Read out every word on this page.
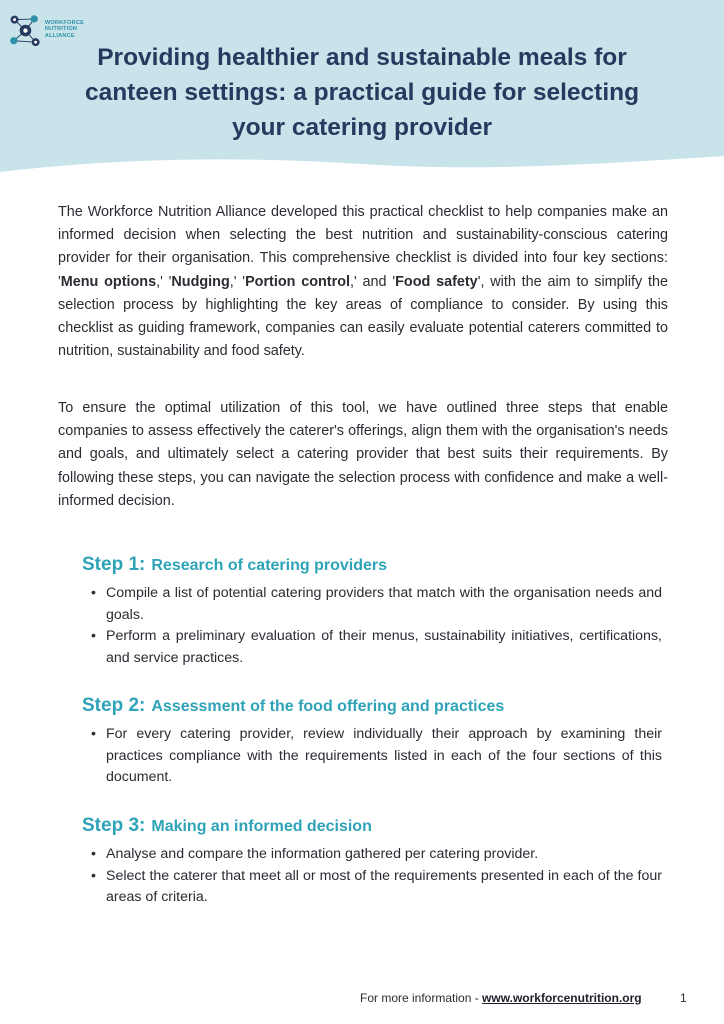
WORKFORCE
NUTRITION
ALLIANCE
Providing healthier and sustainable meals for canteen settings: a practical guide for selecting your catering provider

The Workforce Nutrition Alliance developed this practical checklist to help companies make an informed decision when selecting the best nutrition and sustainability-conscious catering provider for their organisation. This comprehensive checklist is divided into four key sections: 'Menu options,' 'Nudging,' 'Portion control,' and 'Food safety', with the aim to simplify the selection process by highlighting the key areas of compliance to consider. By using this checklist as guiding framework, companies can easily evaluate potential caterers committed to nutrition, sustainability and food safety.

To ensure the optimal utilization of this tool, we have outlined three steps that enable companies to assess effectively the caterer's offerings, align them with the organisation's needs and goals, and ultimately select a catering provider that best suits their requirements. By following these steps, you can navigate the selection process with confidence and make a well-informed decision.

Step 1: Research of catering providers
• Compile a list of potential catering providers that match with the organisation needs and goals.
• Perform a preliminary evaluation of their menus, sustainability initiatives, certifications, and service practices.
Step 2: Assessment of the food offering and practices
• For every catering provider, review individually their approach by examining their practices compliance with the requirements listed in each of the four sections of this document.
Step 3: Making an informed decision
• Analyse and compare the information gathered per catering provider.
• Select the caterer that meet all or most of the requirements presented in each of the four areas of criteria.
For more information - www.workforcenutrition.org	1
